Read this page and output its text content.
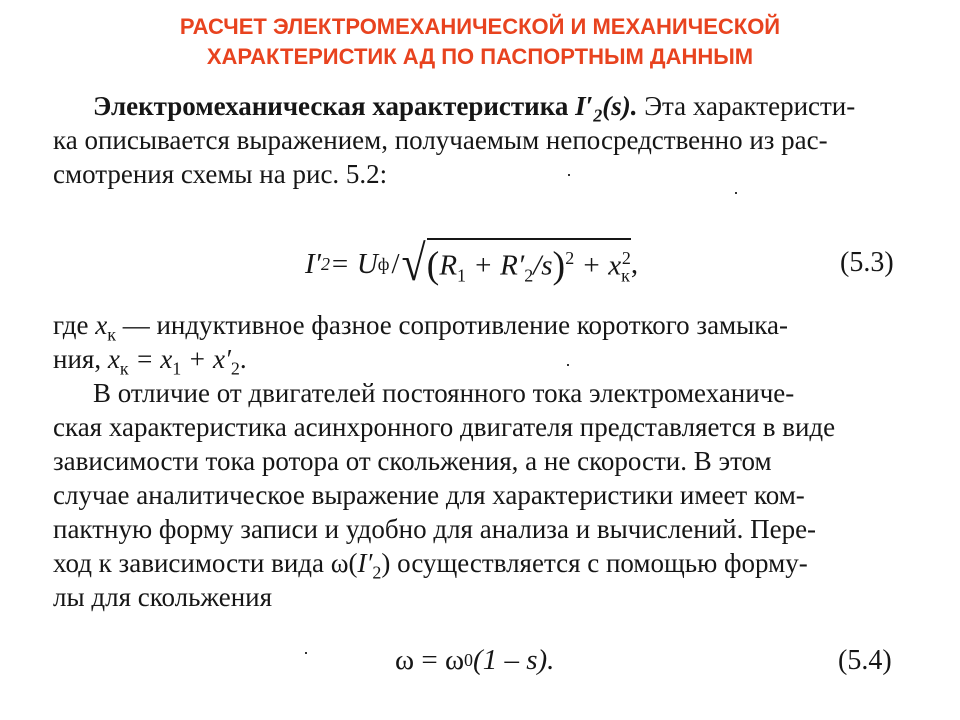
РАСЧЕТ ЭЛЕКТРОМЕХАНИЧЕСКОЙ И МЕХАНИЧЕСКОЙ
ХАРАКТЕРИСТИК АД ПО ПАСПОРТНЫМ ДАННЫМ
Электромеханическая характеристика $I'_2(s)$. Эта характеристи-
ка описывается выражением, получаемым непосредственно из рас-
смотрения схемы на рис. 5.2:
I′ 2 = U ф / √ $(R_1 + R'_2/s)^2 + x_к^2$ ,	(5.3)
где $x_к$ — индуктивное фазное сопротивление короткого замыка-
ния, $x_к = x_1 + x'_2$.
В отличие от двигателей постоянного тока электромеханиче-
ская характеристика асинхронного двигателя представляется в виде
зависимости тока ротора от скольжения, а не скорости. В этом
случае аналитическое выражение для характеристики имеет ком-
пактную форму записи и удобно для анализа и вычислений. Пере-
ход к зависимости вида $\omega(I'_2)$ осуществляется с помощью форму-
лы для скольжения
ω = ω 0 (1 – s).	(5.4)
